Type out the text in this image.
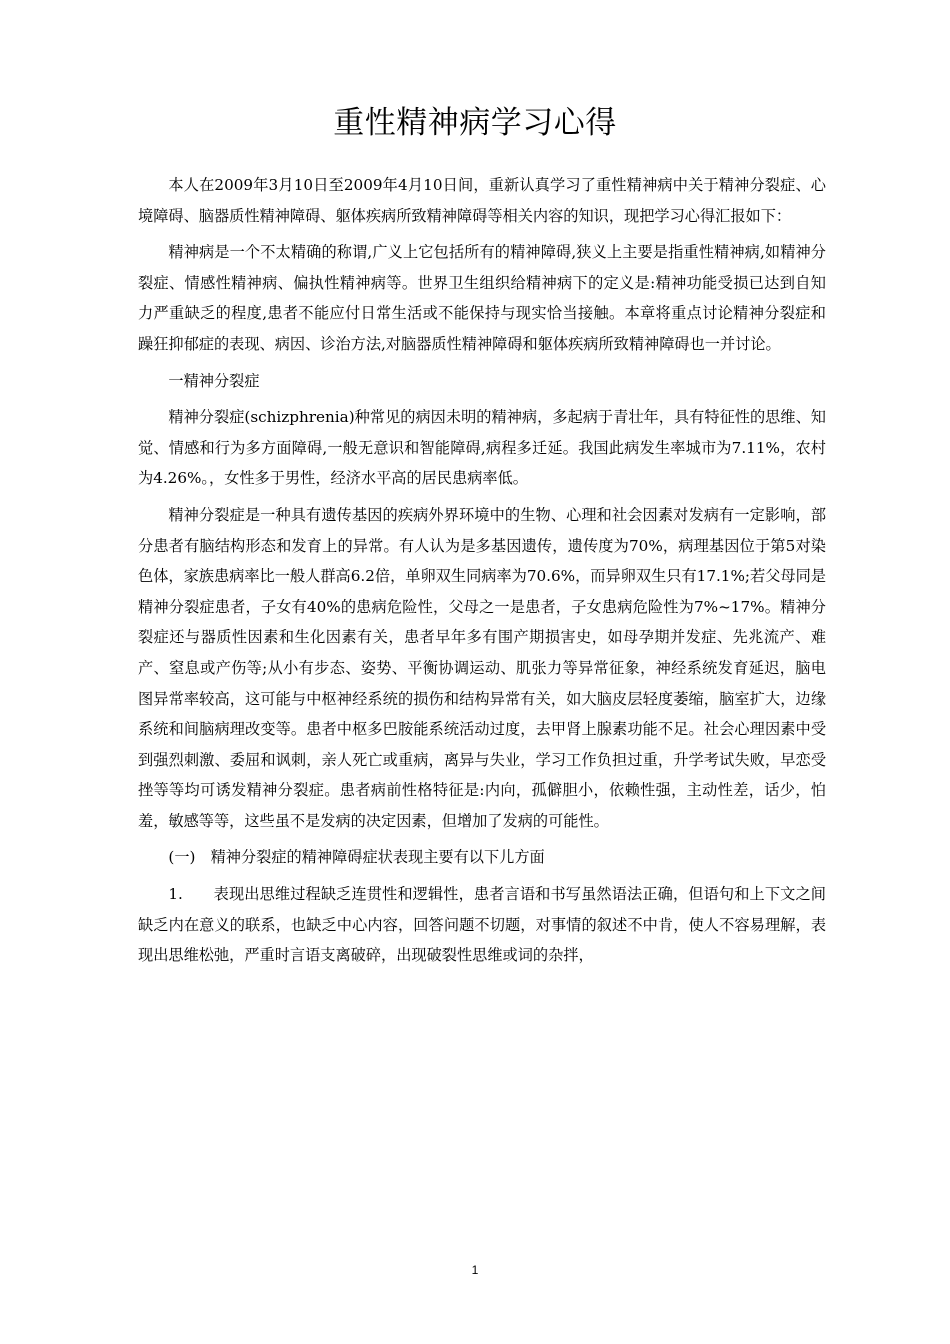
重性精神病学习心得

本人在2009年3月10日至2009年4月10日间，重新认真学习了重性精神病中关于精神分裂症、心境障碍、脑器质性精神障碍、躯体疾病所致精神障碍等相关内容的知识，现把学习心得汇报如下：

精神病是一个不太精确的称谓,广义上它包括所有的精神障碍,狭义上主要是指重性精神病,如精神分裂症、情感性精神病、偏执性精神病等。世界卫生组织给精神病下的定义是:精神功能受损已达到自知力严重缺乏的程度,患者不能应付日常生活或不能保持与现实恰当接触。本章将重点讨论精神分裂症和躁狂抑郁症的表现、病因、诊治方法,对脑器质性精神障碍和躯体疾病所致精神障碍也一并讨论。

一精神分裂症

精神分裂症(schizphrenia)种常见的病因未明的精神病，多起病于青壮年，具有特征性的思维、知觉、情感和行为多方面障碍,一般无意识和智能障碍,病程多迁延。我国此病发生率城市为7.11%，农村为4.26%。，女性多于男性，经济水平高的居民患病率低。

精神分裂症是一种具有遗传基因的疾病外界环境中的生物、心理和社会因素对发病有一定影响，部分患者有脑结构形态和发育上的异常。有人认为是多基因遗传，遗传度为70%，病理基因位于第5对染色体，家族患病率比一般人群高6.2倍，单卵双生同病率为70.6%，而异卵双生只有17.1%;若父母同是精神分裂症患者，子女有40%的患病危险性，父母之一是患者，子女患病危险性为7%~17%。精神分裂症还与器质性因素和生化因素有关，患者早年多有围产期损害史，如母孕期并发症、先兆流产、难产、窒息或产伤等;从小有步态、姿势、平衡协调运动、肌张力等异常征象，神经系统发育延迟，脑电图异常率较高，这可能与中枢神经系统的损伤和结构异常有关，如大脑皮层轻度萎缩，脑室扩大，边缘系统和间脑病理改变等。患者中枢多巴胺能系统活动过度，去甲肾上腺素功能不足。社会心理因素中受到强烈刺激、委屈和讽刺，亲人死亡或重病，离异与失业，学习工作负担过重，升学考试失败，早恋受挫等等均可诱发精神分裂症。患者病前性格特征是:内向，孤僻胆小，依赖性强，主动性差，话少，怕羞，敏感等等，这些虽不是发病的决定因素，但增加了发病的可能性。

(一)　精神分裂症的精神障碍症状表现主要有以下儿方面

1.　　表现出思维过程缺乏连贯性和逻辑性，患者言语和书写虽然语法正确，但语句和上下文之间缺乏内在意义的联系，也缺乏中心内容，回答问题不切题，对事情的叙述不中肯，使人不容易理解，表现出思维松弛，严重时言语支离破碎，出现破裂性思维或词的杂拌，

1
